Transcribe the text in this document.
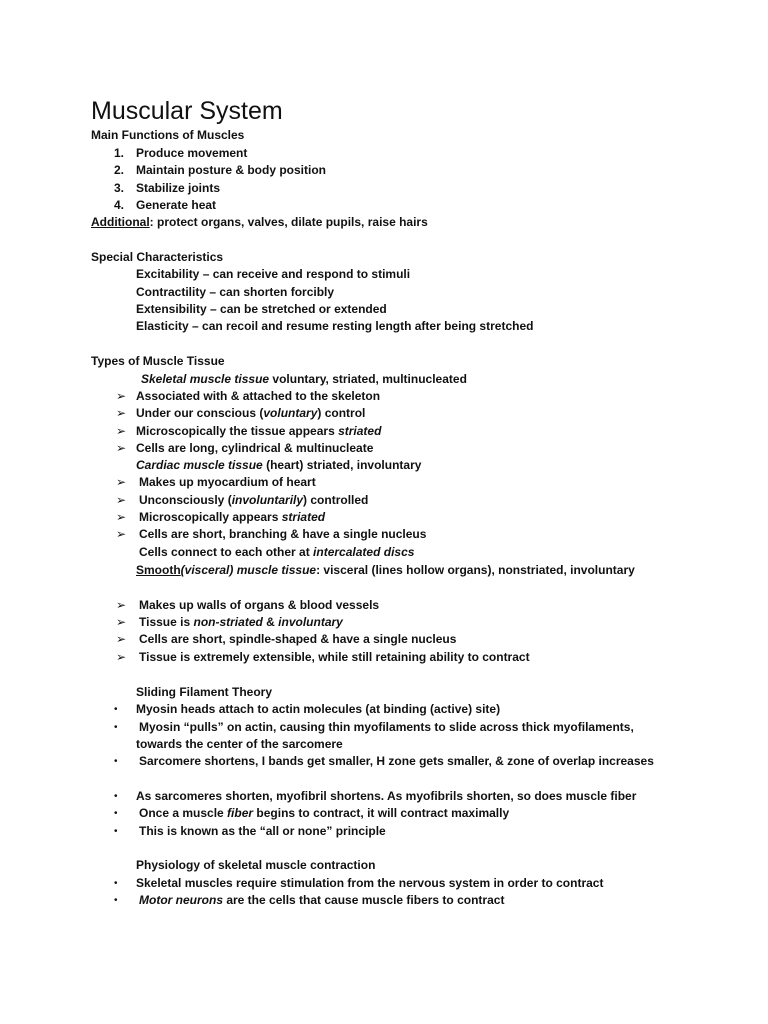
Muscular System
Main Functions of Muscles
1. Produce movement
2. Maintain posture & body position
3. Stabilize joints
4. Generate heat
Additional: protect organs, valves, dilate pupils, raise hairs
Special Characteristics
Excitability – can receive and respond to stimuli
Contractility – can shorten forcibly
Extensibility – can be stretched or extended
Elasticity – can recoil and resume resting length after being stretched
Types of Muscle Tissue
Skeletal muscle tissue voluntary, striated, multinucleated
➢ Associated with & attached to the skeleton
➢ Under our conscious (voluntary) control
➢ Microscopically the tissue appears striated
➢ Cells are long, cylindrical & multinucleate
Cardiac muscle tissue (heart) striated, involuntary
➢ Makes up myocardium of heart
➢ Unconsciously (involuntarily) controlled
➢ Microscopically appears striated
➢ Cells are short, branching & have a single nucleus
Cells connect to each other at intercalated discs
Smooth(visceral) muscle tissue: visceral (lines hollow organs), nonstriated, involuntary
➢ Makes up walls of organs & blood vessels
➢ Tissue is non-striated & involuntary
➢ Cells are short, spindle-shaped & have a single nucleus
➢ Tissue is extremely extensible, while still retaining ability to contract
Sliding Filament Theory
• Myosin heads attach to actin molecules (at binding (active) site)
• Myosin “pulls” on actin, causing thin myofilaments to slide across thick myofilaments,
towards the center of the sarcomere
• Sarcomere shortens, I bands get smaller, H zone gets smaller, & zone of overlap increases
• As sarcomeres shorten, myofibril shortens. As myofibrils shorten, so does muscle fiber
• Once a muscle fiber begins to contract, it will contract maximally
• This is known as the “all or none” principle
Physiology of skeletal muscle contraction
• Skeletal muscles require stimulation from the nervous system in order to contract
• Motor neurons are the cells that cause muscle fibers to contract
